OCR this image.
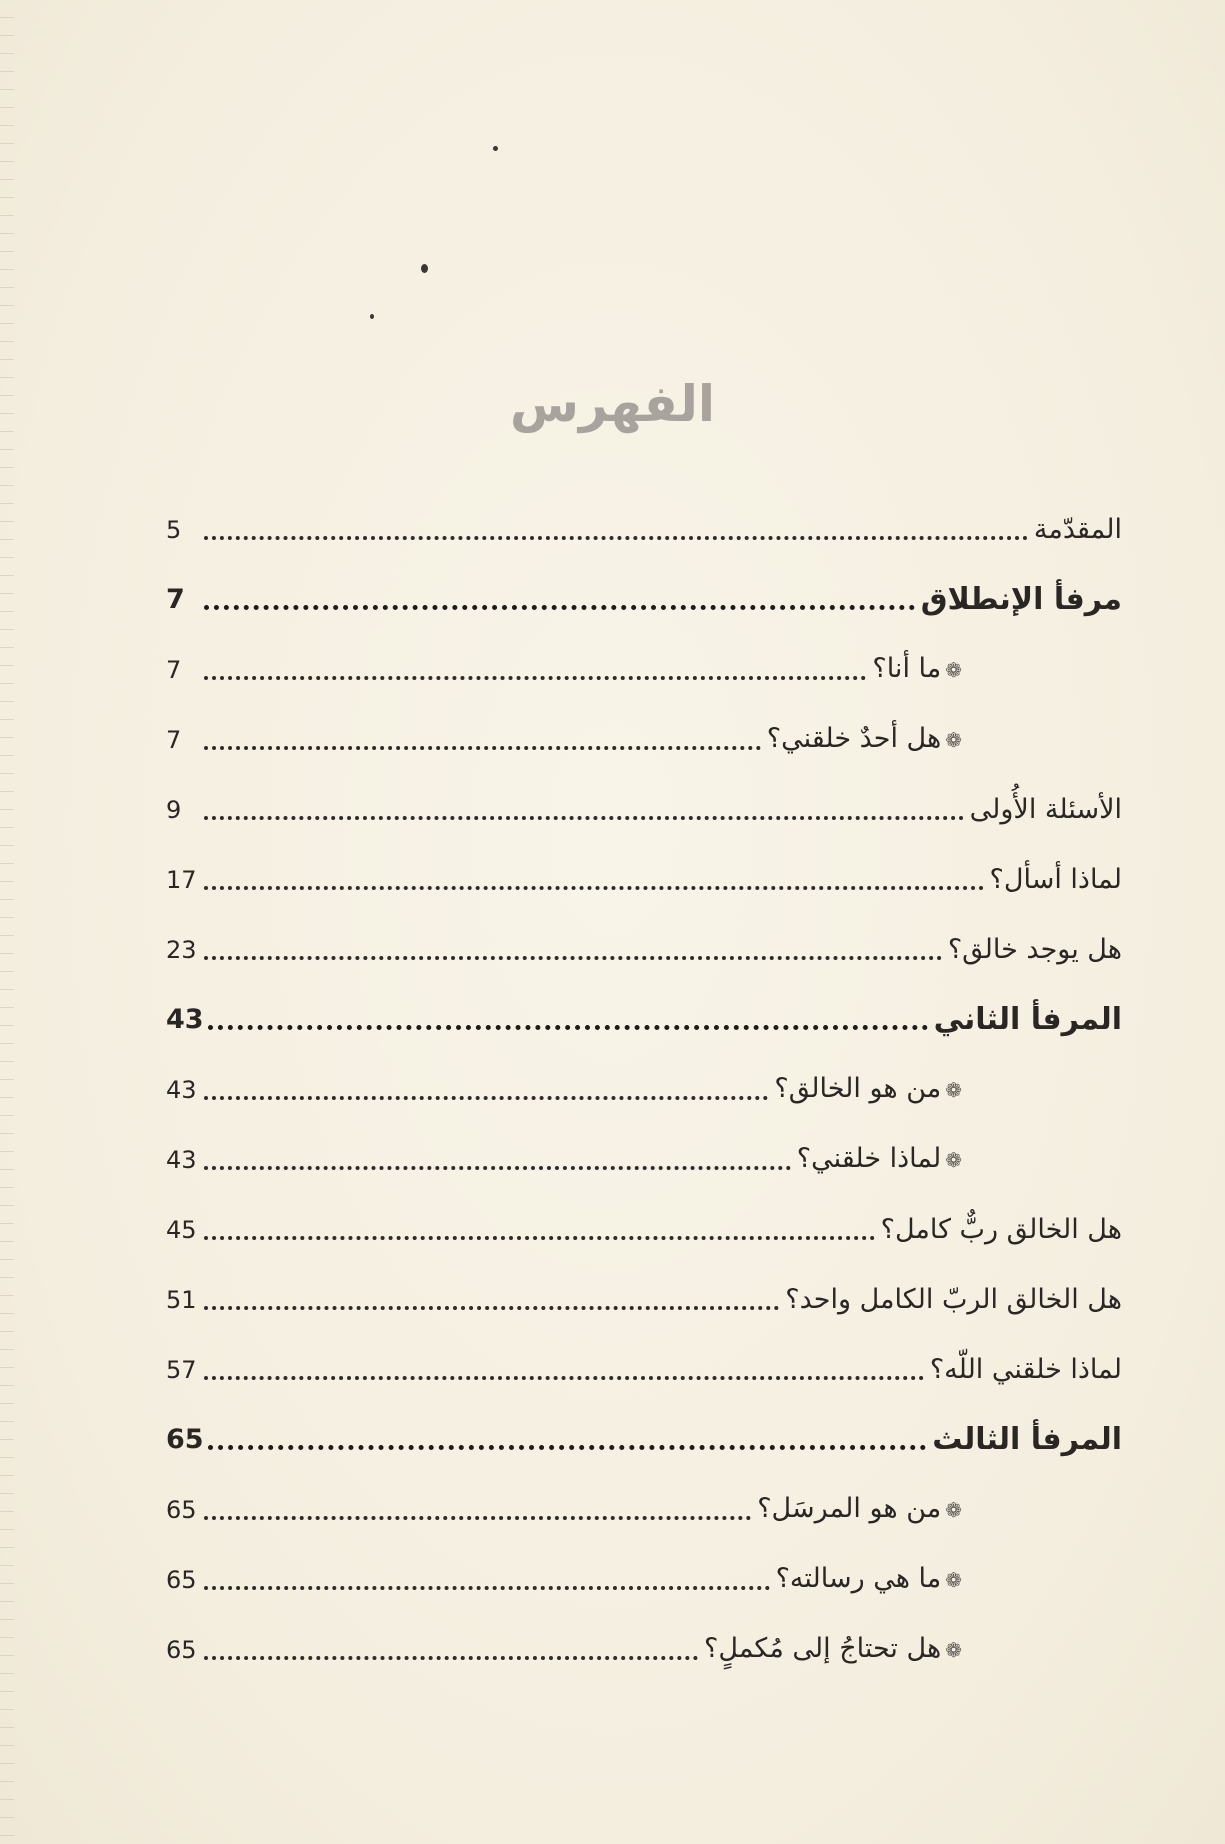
الفهرس
المقدّمة
5
مرفأ الإنطلاق
7
❁ما أنا؟
7
❁هل أحدٌ خلقني؟
7
الأسئلة الأُولى
9
لماذا أسأل؟
17
هل يوجد خالق؟
23
المرفأ الثاني
43
❁من هو الخالق؟
43
❁لماذا خلقني؟
43
هل الخالق ربٌّ كامل؟
45
هل الخالق الربّ الكامل واحد؟
51
لماذا خلقني اللّه؟
57
المرفأ الثالث
65
❁من هو المرسَل؟
65
❁ما هي رسالته؟
65
❁هل تحتاجُ إلى مُكملٍ؟
65
